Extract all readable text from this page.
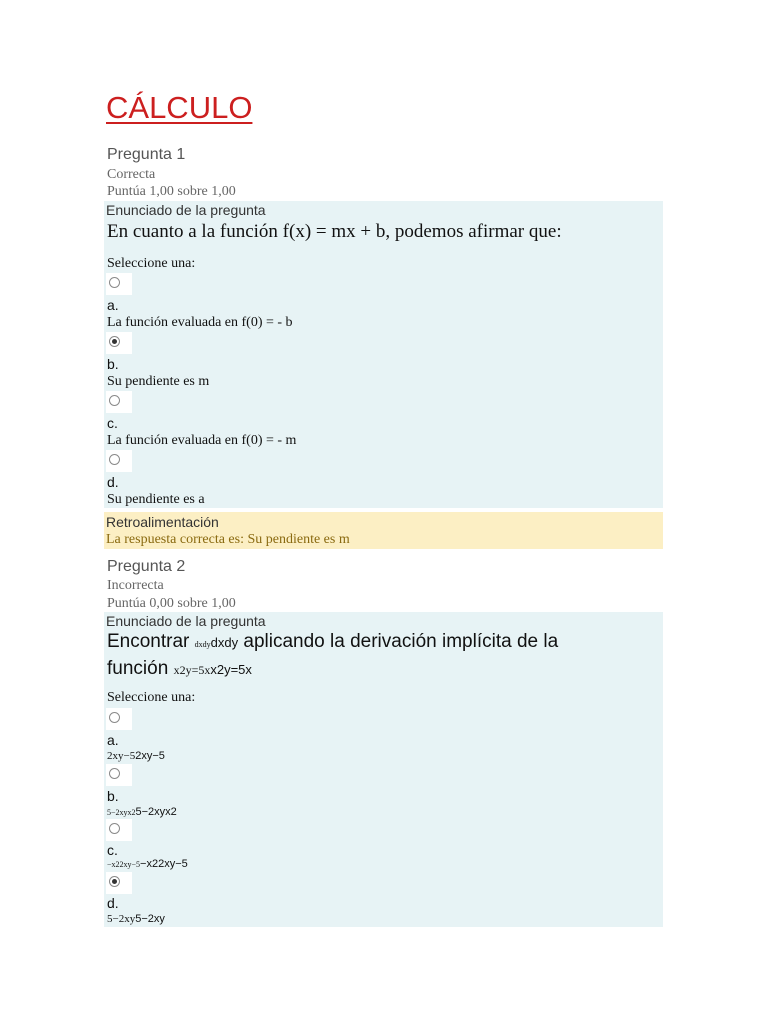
CÁLCULO
Pregunta 1
Correcta
Puntúa 1,00 sobre 1,00
Enunciado de la pregunta
En cuanto a la función f(x) = mx + b, podemos afirmar que:
Seleccione una:
a.
La función evaluada en f(0) = - b
b.
Su pendiente es m
c.
La función evaluada en f(0) = - m
d.
Su pendiente es a
Retroalimentación
La respuesta correcta es: Su pendiente es m
Pregunta 2
Incorrecta
Puntúa 0,00 sobre 1,00
Enunciado de la pregunta
Encontrar dxdydxdy aplicando la derivación implícita de la
función x2y=5xx2y=5x
Seleccione una:
a.
2xy−52xy−5
b.
5−2xyx25−2xyx2
c.
−x22xy−5−x22xy−5
d.
5−2xy5−2xy
